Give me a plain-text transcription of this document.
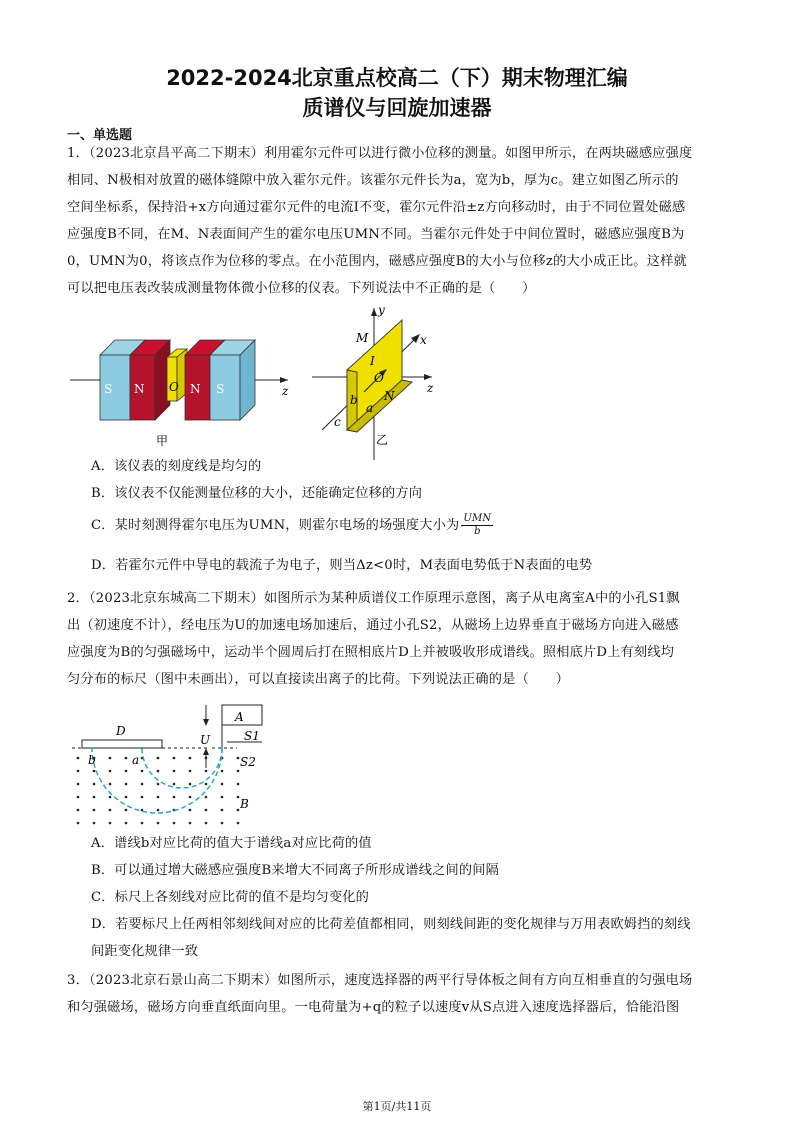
2022-2024北京重点校高二（下）期末物理汇编
质谱仪与回旋加速器
一、单选题
1．（2023北京昌平高二下期末）利用霍尔元件可以进行微小位移的测量。如图甲所示，在两块磁感应强度
相同、N极相对放置的磁体缝隙中放入霍尔元件。该霍尔元件长为a，宽为b，厚为c。建立如图乙所示的
空间坐标系，保持沿+x方向通过霍尔元件的电流I不变，霍尔元件沿±z方向移动时，由于不同位置处磁感
应强度B不同，在M、N表面间产生的霍尔电压UMN不同。当霍尔元件处于中间位置时，磁感应强度B为
0，UMN为0，将该点作为位移的零点。在小范围内，磁感应强度B的大小与位移z的大小成正比。这样就
可以把电压表改装成测量物体微小位移的仪表。下列说法中不正确的是（　　）
S N O N S	z
甲
y
x
z
M
I
O
b N
a
c
乙
A．该仪表的刻度线是均匀的
B．该仪表不仅能测量位移的大小，还能确定位移的方向
C．某时刻测得霍尔电压为UMN，则霍尔电场的场强度大小为 $\frac{\text{UMN}}{b}$
D．若霍尔元件中导电的载流子为电子，则当Δz<0时，M表面电势低于N表面的电势
2．（2023北京东城高二下期末）如图所示为某种质谱仪工作原理示意图，离子从电离室A中的小孔S1飘
出（初速度不计），经电压为U的加速电场加速后，通过小孔S2，从磁场上边界垂直于磁场方向进入磁感
应强度为B的匀强磁场中，运动半个圆周后打在照相底片D上并被吸收形成谱线。照相底片D上有刻线均
匀分布的标尺（图中未画出），可以直接读出离子的比荷。下列说法正确的是（　　）
D
A
U	S1
S2
b	a
B
A．谱线b对应比荷的值大于谱线a对应比荷的值
B．可以通过增大磁感应强度B来增大不同离子所形成谱线之间的间隔
C．标尺上各刻线对应比荷的值不是均匀变化的
D．若要标尺上任两相邻刻线间对应的比荷差值都相同，则刻线间距的变化规律与万用表欧姆挡的刻线
间距变化规律一致
3．（2023北京石景山高二下期末）如图所示，速度选择器的两平行导体板之间有方向互相垂直的匀强电场
和匀强磁场，磁场方向垂直纸面向里。一电荷量为+q的粒子以速度v从S点进入速度选择器后，恰能沿图
第1页/共11页
